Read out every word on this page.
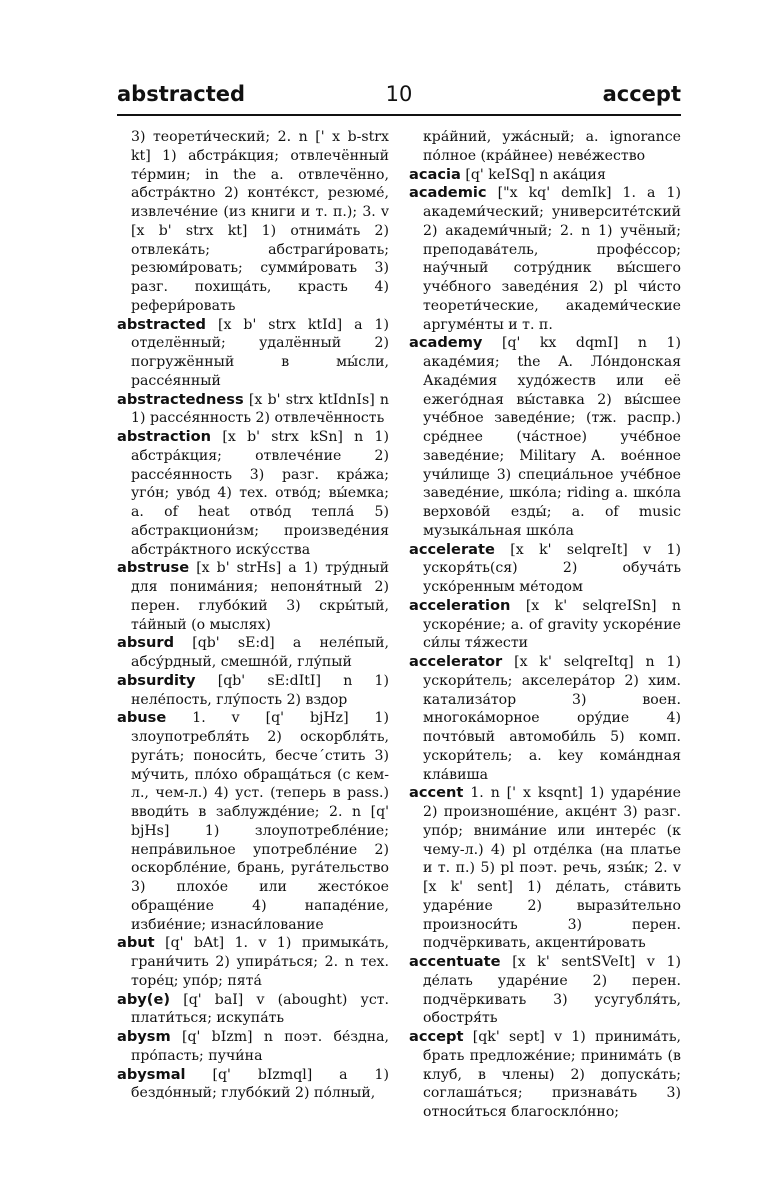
abstracted	10	accept
3) теорети́ческий; 2. n [' x b-strx kt] 1) абстра́кция; отвлечённый те́рмин; in the a. отвлечённо, абстра́ктно 2) конте́кст, резюме́, извлече́ние (из книги и т. п.); 3. v [x b' strx kt] 1) отнима́ть 2) отвлека́ть; абстраги́ровать; резюми́ровать; сумми́ровать 3) разг. похища́ть, красть 4) рефери́ровать
abstracted [x b' strx ktId] a 1) отделённый; удалённый 2) погружённый в мы́сли, рассе́янный
abstractedness [x b' strx ktIdnIs] n 1) рассе́янность 2) отвлечённость
abstraction [x b' strx kSn] n 1) абстра́кция; отвлече́ние 2) рассе́янность 3) разг. кра́жа; уго́н; уво́д 4) тех. отво́д; вы́емка; a. of heat отво́д тепла́ 5) абстракциони́зм; произведе́ния абстра́ктного иску́сства
abstruse [x b' strHs] a 1) тру́дный для понима́ния; непоня́тный 2) перен. глубо́кий 3) скры́тый, та́йный (о мыслях)
absurd [qb' sE:d] a неле́пый, абсу́рдный, смешно́й, глу́пый
absurdity [qb' sE:dItI] n 1) неле́пость, глу́пость 2) вздор
abuse 1. v [q' bjHz] 1) злоупотребля́ть 2) оскорбля́ть, руга́ть; поноси́ть, бесчe´стить 3) му́чить, пло́хо обраща́ться (с кем-л., чем-л.) 4) уст. (теперь в pass.) вводи́ть в заблужде́ние; 2. n [q' bjHs] 1) злоупотребле́ние; непра́вильное употребле́ние 2) оскорбле́ние, брань, руга́тельство 3) плохо́е или жесто́кое обраще́ние 4) нападе́ние, избие́ние; изнаси́лование
abut [q' bAt] 1. v 1) примыка́ть, грани́чить 2) упира́ться; 2. n тех. торе́ц; упо́р; пята́
aby(e) [q' baI] v (abought) уст. плати́ться; искупа́ть
abysm [q' bIzm] n поэт. бе́здна, про́пасть; пучи́на
abysmal [q' bIzmql] a 1) бездо́нный; глубо́кий 2) по́лный,
кра́йний, ужа́сный; a. ignorance по́лное (кра́йнее) неве́жество
acacia [q' keISq] n ака́ция
academic ["x kq' demIk] 1. a 1) академи́ческий; университе́тский 2) академи́чный; 2. n 1) учёный; преподава́тель, профе́ссор; нау́чный сотру́дник вы́сшего уче́бного заведе́ния 2) pl чи́сто теорети́ческие, академи́ческие аргуме́нты и т. п.
academy [q' kx dqmI] n 1) акаде́мия; the A. Ло́ндонская Акаде́мия худо́жеств или её ежего́дная вы́ставка 2) вы́сшее уче́бное заведе́ние; (тж. распр.) сре́днее (ча́стное) уче́бное заведе́ние; Military A. вое́нное учи́лище 3) специа́льное уче́бное заведе́ние, шко́ла; riding a. шко́ла верхово́й езды́; a. of music музыка́льная шко́ла
accelerate [x k' selqreIt] v 1) ускоря́ть(ся) 2) обуча́ть уско́ренным ме́тодом
acceleration [x k' selqreISn] n ускоре́ние; a. of gravity ускоре́ние си́лы тя́жести
accelerator [x k' selqreItq] n 1) ускори́тель; акселера́тор 2) хим. катализа́тор 3) воен. многока́морное ору́дие 4) почто́вый автомоби́ль 5) комп. ускори́тель; a. key кома́ндная кла́виша
accent 1. n [' x ksqnt] 1) ударе́ние 2) произноше́ние, акце́нт 3) разг. упо́р; внима́ние или интере́с (к чему-л.) 4) pl отде́лка (на платье и т. п.) 5) pl поэт. речь, язы́к; 2. v [x k' sent] 1) де́лать, ста́вить ударе́ние 2) вырази́тельно произноси́ть 3) перен. подчёркивать, акценти́ровать
accentuate [x k' sentSVeIt] v 1) де́лать ударе́ние 2) перен. подчёркивать 3) усугубля́ть, обостря́ть
accept [qk' sept] v 1) принима́ть, брать предложе́ние; принима́ть (в клуб, в члены) 2) допуска́ть; соглаша́ться; признава́ть 3) относи́ться благоскло́нно;
